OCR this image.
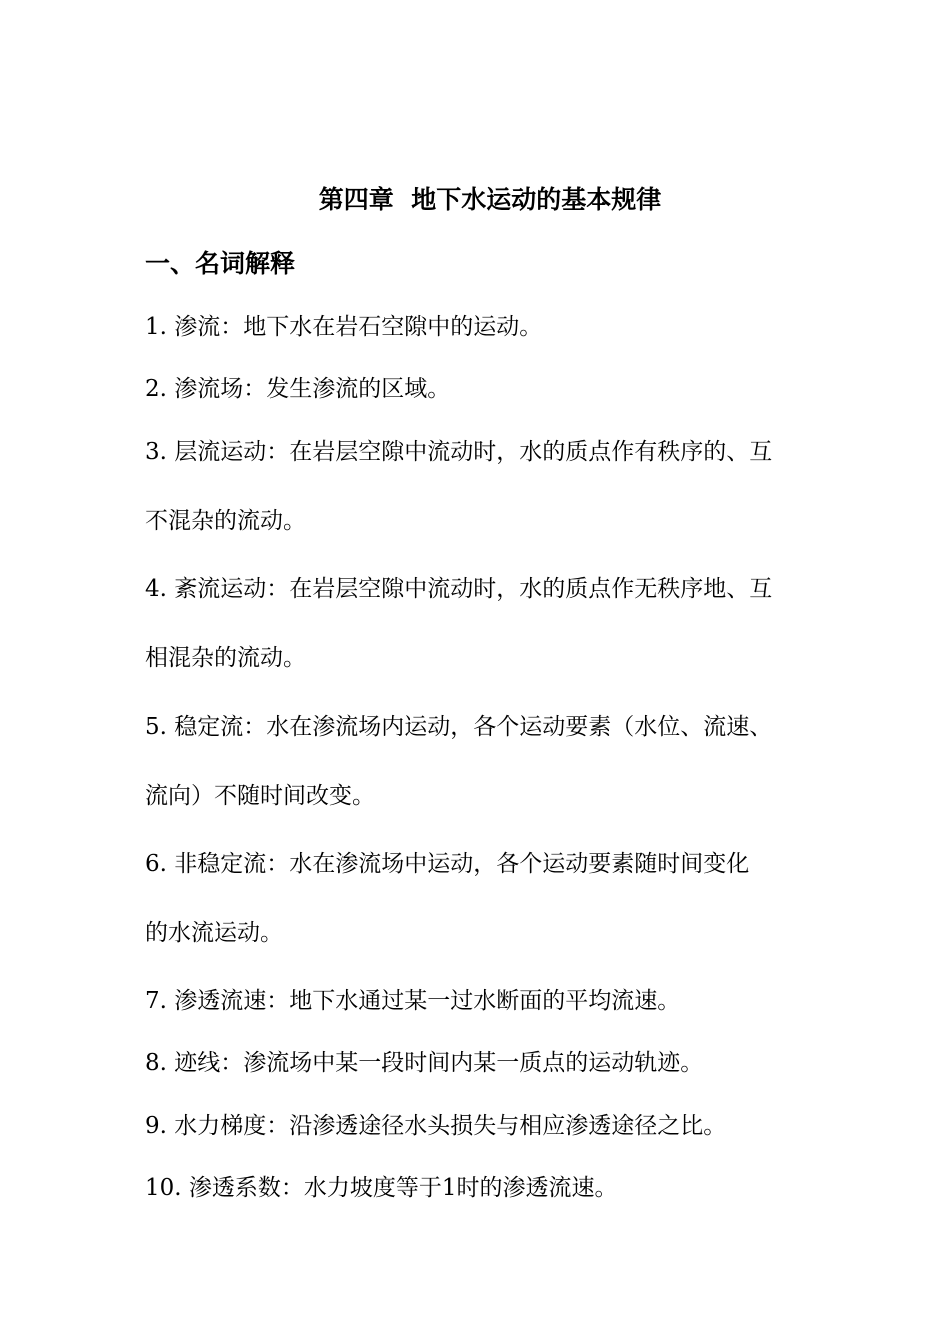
第四章  地下水运动的基本规律
一、名词解释
1. 渗流：地下水在岩石空隙中的运动。
2. 渗流场：发生渗流的区域。
3. 层流运动：在岩层空隙中流动时，水的质点作有秩序的、互
不混杂的流动。
4. 紊流运动：在岩层空隙中流动时，水的质点作无秩序地、互
相混杂的流动。
5. 稳定流：水在渗流场内运动，各个运动要素（水位、流速、
流向）不随时间改变。
6. 非稳定流：水在渗流场中运动，各个运动要素随时间变化
的水流运动。
7. 渗透流速：地下水通过某一过水断面的平均流速。
8. 迹线：渗流场中某一段时间内某一质点的运动轨迹。
9. 水力梯度：沿渗透途径水头损失与相应渗透途径之比。
10. 渗透系数：水力坡度等于1时的渗透流速。
